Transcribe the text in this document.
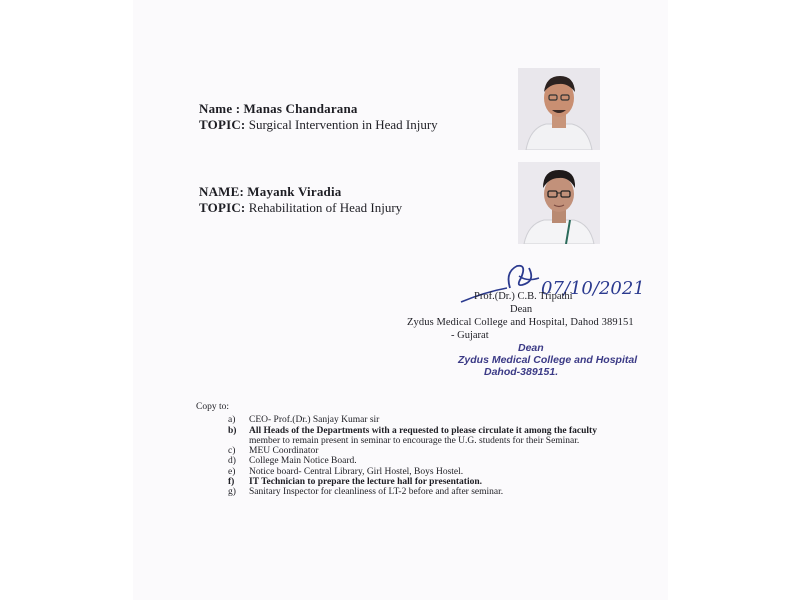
Name : Manas Chandarana
TOPIC: Surgical Intervention in Head Injury
NAME: Mayank Viradia
TOPIC: Rehabilitation of Head Injury
07/10/2021
Prof.(Dr.) C.B. Tripathi
Dean
Zydus Medical College and Hospital, Dahod 389151
- Gujarat
Dean
Zydus Medical College and Hospital
Dahod-389151.
Copy to:
a) CEO- Prof.(Dr.) Sanjay Kumar sir
b) All Heads of the Departments with a requested to please circulate it among the faculty
member to remain present in seminar to encourage the U.G. students for their Seminar.
c) MEU Coordinator
d) College Main Notice Board.
e) Notice board- Central Library, Girl Hostel, Boys Hostel.
f) IT Technician to prepare the lecture hall for presentation.
g) Sanitary Inspector for cleanliness of LT-2 before and after seminar.
